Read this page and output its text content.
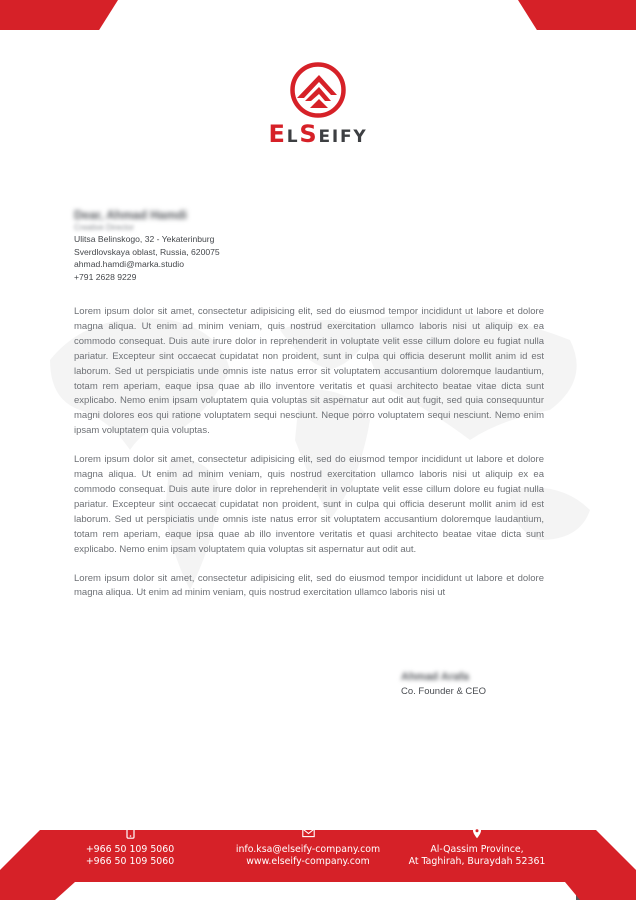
ELSEIFY
Dear, Ahmad Hamdi
Creative Director
Ulitsa Belinskogo, 32 - Yekaterinburg
Sverdlovskaya oblast, Russia, 620075
ahmad.hamdi@marka.studio
+791 2628 9229

Lorem ipsum dolor sit amet, consectetur adipisicing elit, sed do eiusmod tempor incididunt ut labore et dolore magna aliqua. Ut enim ad minim veniam, quis nostrud exercitation ullamco laboris nisi ut aliquip ex ea commodo consequat. Duis aute irure dolor in reprehenderit in voluptate velit esse cillum dolore eu fugiat nulla pariatur. Excepteur sint occaecat cupidatat non proident, sunt in culpa qui officia deserunt mollit anim id est laborum. Sed ut perspiciatis unde omnis iste natus error sit voluptatem accusantium doloremque laudantium, totam rem aperiam, eaque ipsa quae ab illo inventore veritatis et quasi architecto beatae vitae dicta sunt explicabo. Nemo enim ipsam voluptatem quia voluptas sit aspernatur aut odit aut fugit, sed quia consequuntur magni dolores eos qui ratione voluptatem sequi nesciunt. Neque porro voluptatem sequi nesciunt. Nemo enim ipsam voluptatem quia voluptas.

Lorem ipsum dolor sit amet, consectetur adipisicing elit, sed do eiusmod tempor incididunt ut labore et dolore magna aliqua. Ut enim ad minim veniam, quis nostrud exercitation ullamco laboris nisi ut aliquip ex ea commodo consequat. Duis aute irure dolor in reprehenderit in voluptate velit esse cillum dolore eu fugiat nulla pariatur. Excepteur sint occaecat cupidatat non proident, sunt in culpa qui officia deserunt mollit anim id est laborum. Sed ut perspiciatis unde omnis iste natus error sit voluptatem accusantium doloremque laudantium, totam rem aperiam, eaque ipsa quae ab illo inventore veritatis et quasi architecto beatae vitae dicta sunt explicabo. Nemo enim ipsam voluptatem quia voluptas sit aspernatur aut odit aut.

Lorem ipsum dolor sit amet, consectetur adipisicing elit, sed do eiusmod tempor incididunt ut labore et dolore magna aliqua. Ut enim ad minim veniam, quis nostrud exercitation ullamco laboris nisi ut

Ahmad Arafa
Co. Founder & CEO
+966 50 109 5060
+966 50 109 5060
info.ksa@elseify-company.com
www.elseify-company.com
Al-Qassim Province,
At Taghirah, Buraydah 52361
